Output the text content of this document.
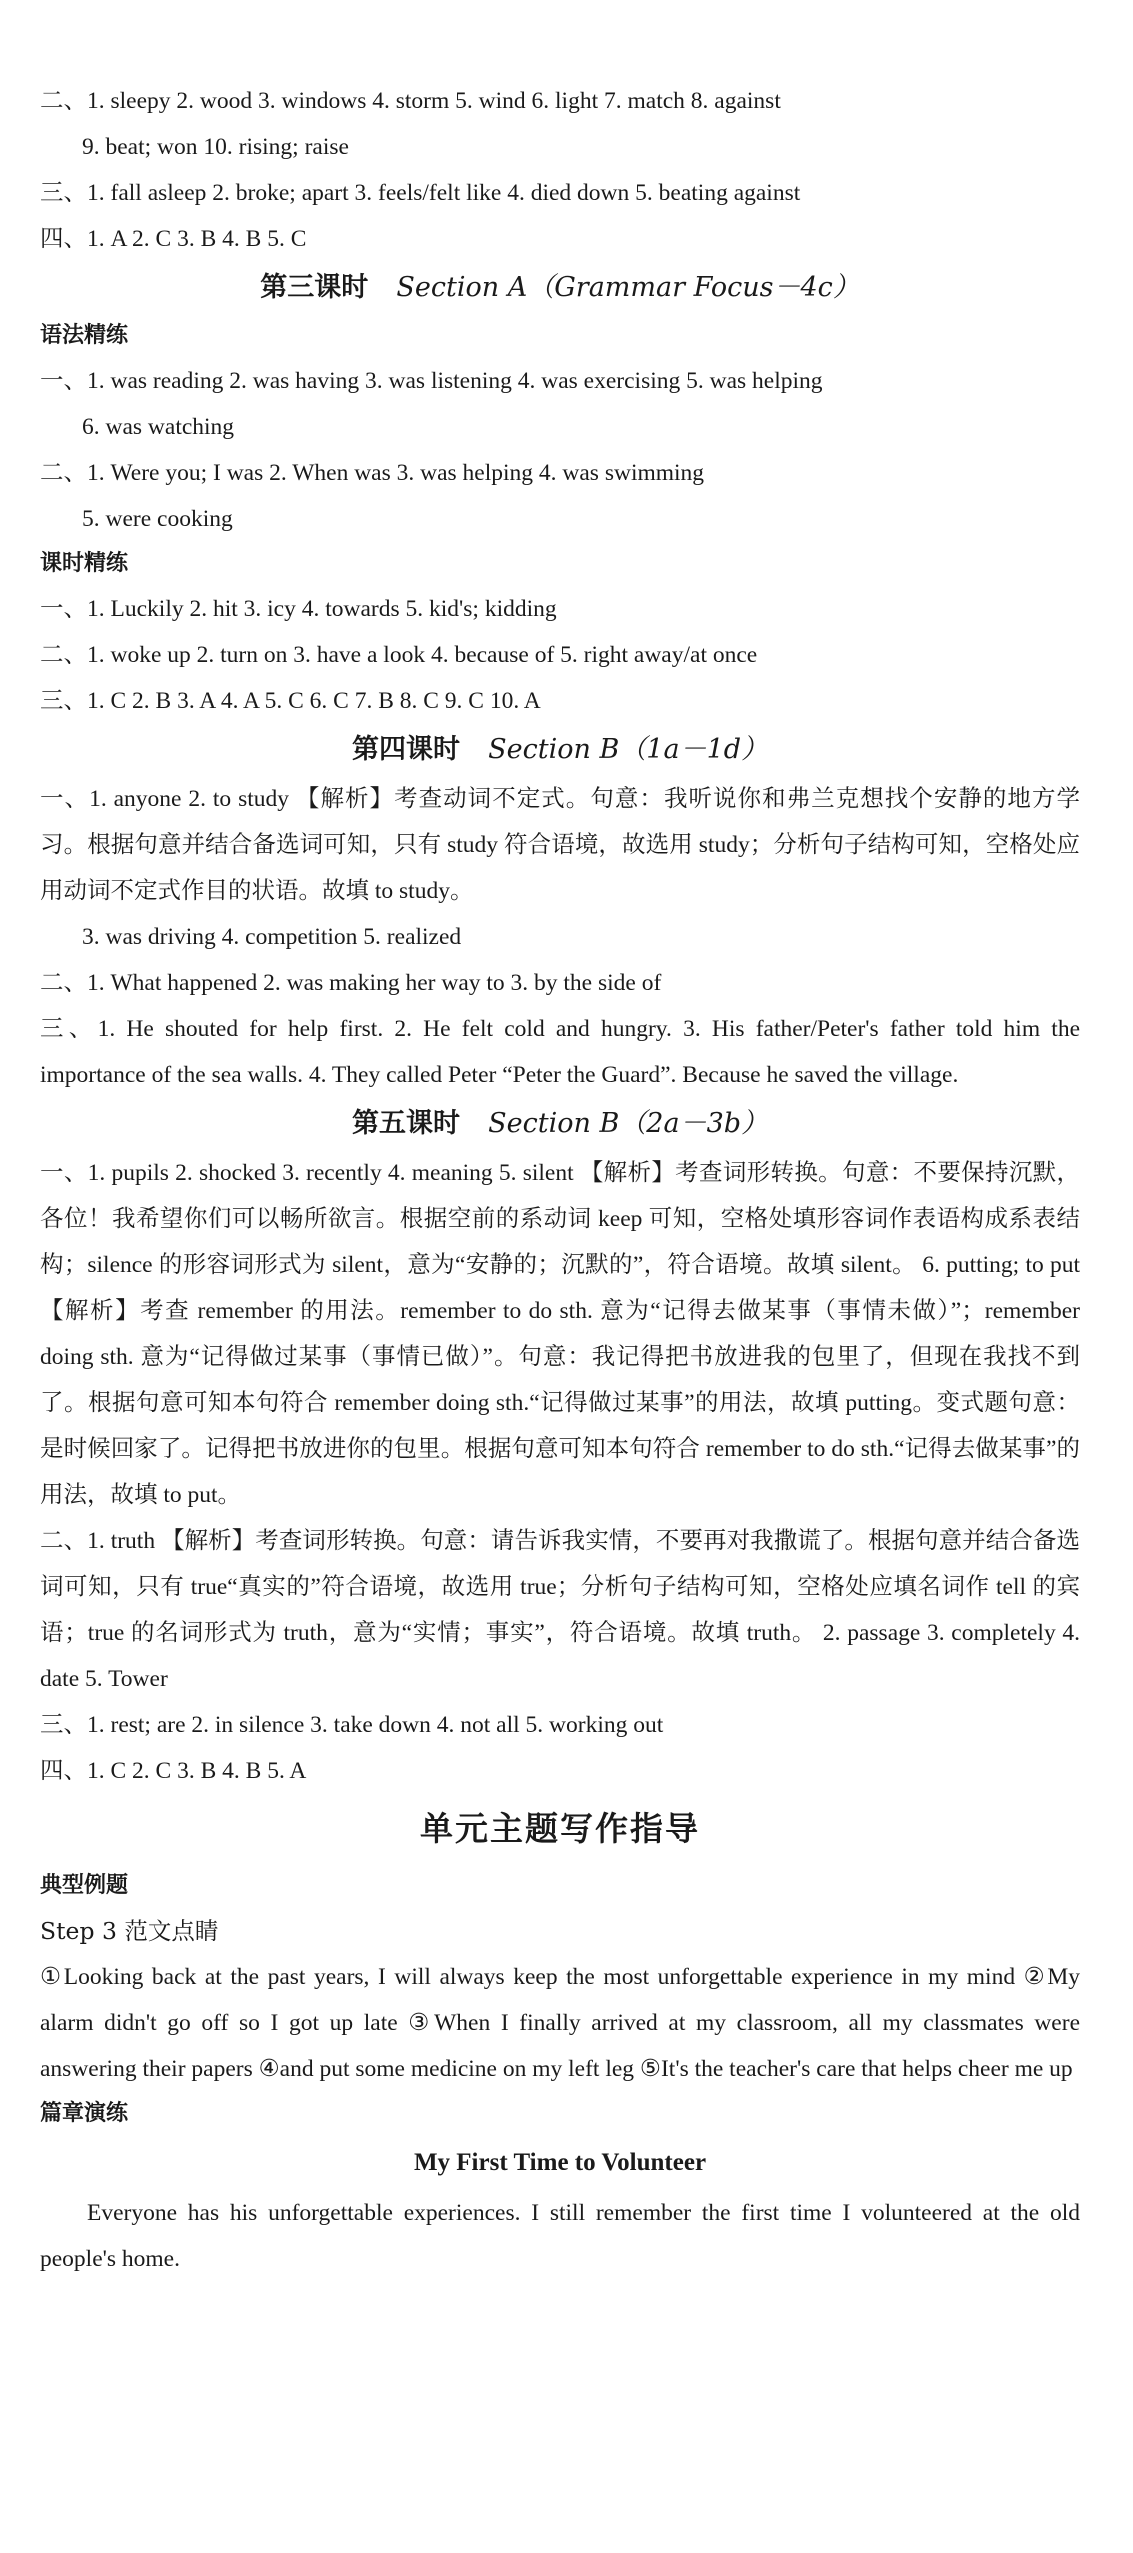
二、1. sleepy 2. wood 3. windows 4. storm 5. wind 6. light 7. match 8. against
9. beat; won 10. rising; raise
三、1. fall asleep 2. broke; apart 3. feels/felt like 4. died down 5. beating against
四、1. A 2. C 3. B 4. B 5. C
第三课时 Section A（Grammar Focus－4c）
语法精练
一、1. was reading 2. was having 3. was listening 4. was exercising 5. was helping
6. was watching
二、1. Were you; I was 2. When was 3. was helping 4. was swimming
5. were cooking
课时精练
一、1. Luckily 2. hit 3. icy 4. towards 5. kid's; kidding
二、1. woke up 2. turn on 3. have a look 4. because of 5. right away/at once
三、1. C 2. B 3. A 4. A 5. C 6. C 7. B 8. C 9. C 10. A
第四课时 Section B（1a－1d）
一、1. anyone 2. to study 【解析】考查动词不定式。句意：我听说你和弗兰克想找个安静的地方学习。根据句意并结合备选词可知，只有 study 符合语境，故选用 study；分析句子结构可知，空格处应用动词不定式作目的状语。故填 to study。
3. was driving 4. competition 5. realized
二、1. What happened 2. was making her way to 3. by the side of
三、1. He shouted for help first. 2. He felt cold and hungry. 3. His father/Peter's father told him the importance of the sea walls. 4. They called Peter “Peter the Guard”. Because he saved the village.
第五课时 Section B（2a－3b）
一、1. pupils 2. shocked 3. recently 4. meaning 5. silent 【解析】考查词形转换。句意：不要保持沉默，各位！我希望你们可以畅所欲言。根据空前的系动词 keep 可知，空格处填形容词作表语构成系表结构；silence 的形容词形式为 silent，意为“安静的；沉默的”，符合语境。故填 silent。 6. putting; to put 【解析】考查 remember 的用法。remember to do sth. 意为“记得去做某事（事情未做）”；remember doing sth. 意为“记得做过某事（事情已做）”。句意：我记得把书放进我的包里了，但现在我找不到了。根据句意可知本句符合 remember doing sth.“记得做过某事”的用法，故填 putting。变式题句意：是时候回家了。记得把书放进你的包里。根据句意可知本句符合 remember to do sth.“记得去做某事”的用法，故填 to put。
二、1. truth 【解析】考查词形转换。句意：请告诉我实情，不要再对我撒谎了。根据句意并结合备选词可知，只有 true“真实的”符合语境，故选用 true；分析句子结构可知，空格处应填名词作 tell 的宾语；true 的名词形式为 truth，意为“实情；事实”，符合语境。故填 truth。 2. passage 3. completely 4. date 5. Tower
三、1. rest; are 2. in silence 3. take down 4. not all 5. working out
四、1. C 2. C 3. B 4. B 5. A
单元主题写作指导
典型例题
Step 3 范文点睛
①Looking back at the past years, I will always keep the most unforgettable experience in my mind ②My alarm didn't go off so I got up late ③When I finally arrived at my classroom, all my classmates were answering their papers ④and put some medicine on my left leg ⑤It's the teacher's care that helps cheer me up
篇章演练
My First Time to Volunteer
Everyone has his unforgettable experiences. I still remember the first time I volunteered at the old people's home.
